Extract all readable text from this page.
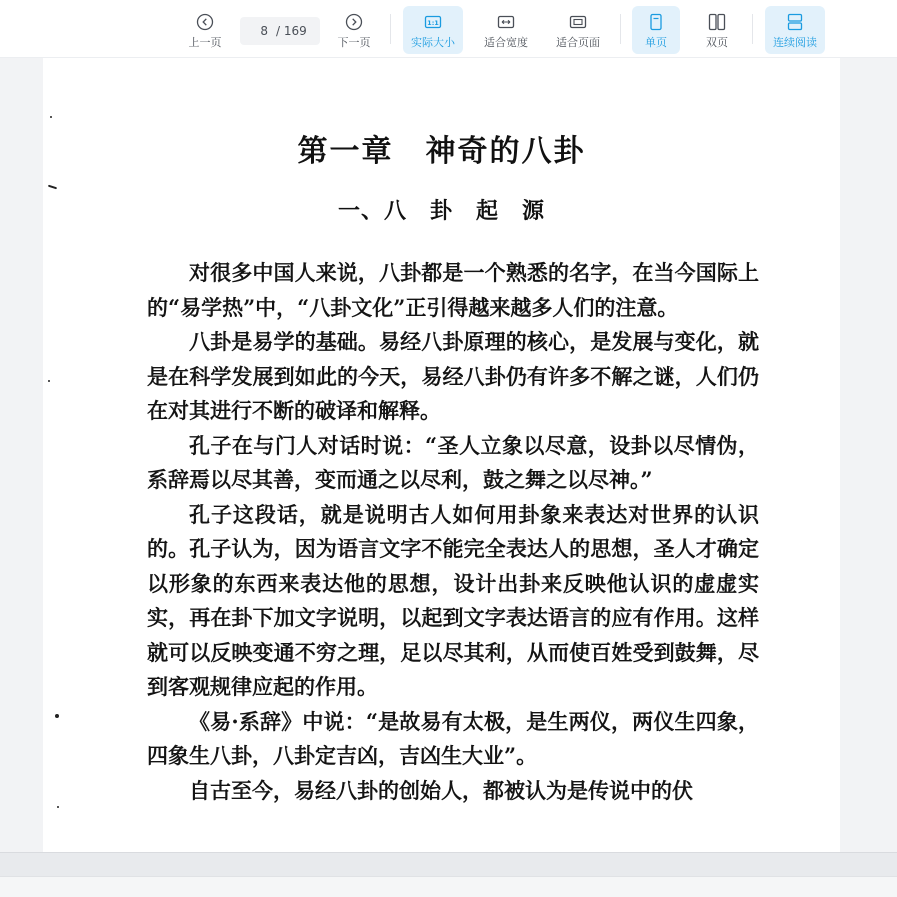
上一页
8 / 169
下一页
1:1
实际大小	适合宽度	适合页面	单页	双页	连续阅读
第一章　神奇的八卦
一、八　卦　起　源

对很多中国人来说，八卦都是一个熟悉的名字，在当今国际上的“易学热”中，“八卦文化”正引得越来越多人们的注意。

八卦是易学的基础。易经八卦原理的核心，是发展与变化，就是在科学发展到如此的今天，易经八卦仍有许多不解之谜，人们仍在对其进行不断的破译和解释。

孔子在与门人对话时说：“圣人立象以尽意，设卦以尽情伪，系辞焉以尽其善，变而通之以尽利，鼓之舞之以尽神。”

孔子这段话，就是说明古人如何用卦象来表达对世界的认识的。孔子认为，因为语言文字不能完全表达人的思想，圣人才确定以形象的东西来表达他的思想，设计出卦来反映他认识的虚虚实实，再在卦下加文字说明，以起到文字表达语言的应有作用。这样就可以反映变通不穷之理，足以尽其利，从而使百姓受到鼓舞，尽到客观规律应起的作用。

《易·系辞》中说：“是故易有太极，是生两仪，两仪生四象，四象生八卦，八卦定吉凶，吉凶生大业”。

自古至今，易经八卦的创始人，都被认为是传说中的伏
